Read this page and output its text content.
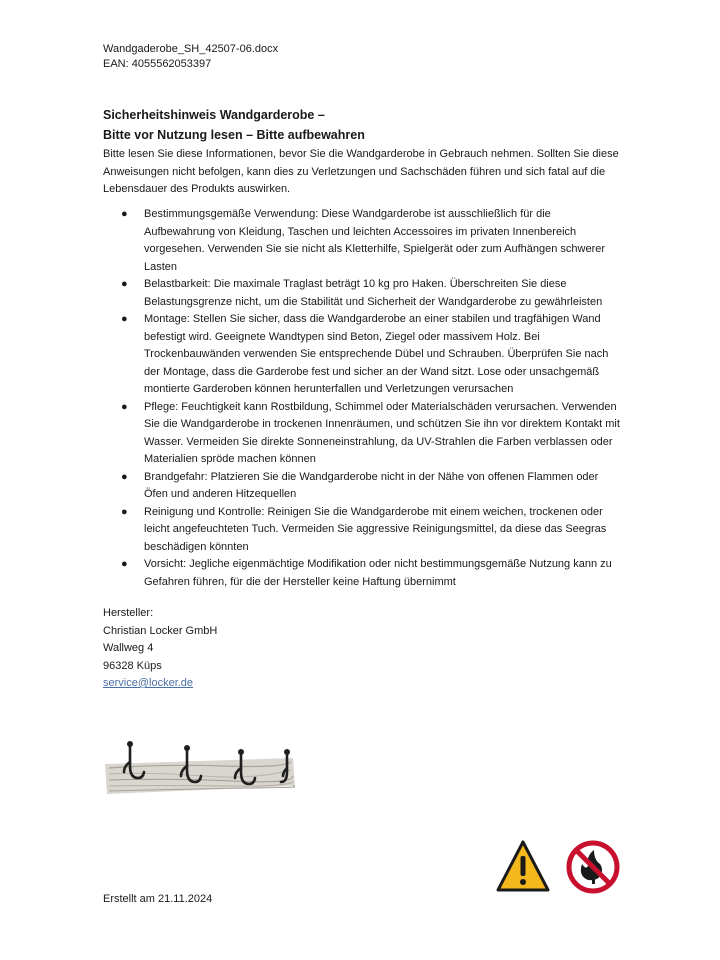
Wandgaderobe_SH_42507-06.docx
EAN: 4055562053397
Sicherheitshinweis Wandgarderobe –
Bitte vor Nutzung lesen – Bitte aufbewahren
Bitte lesen Sie diese Informationen, bevor Sie die Wandgarderobe in Gebrauch nehmen. Sollten Sie diese Anweisungen nicht befolgen, kann dies zu Verletzungen und Sachschäden führen und sich fatal auf die Lebensdauer des Produkts auswirken.
● Bestimmungsgemäße Verwendung: Diese Wandgarderobe ist ausschließlich für die Aufbewahrung von Kleidung, Taschen und leichten Accessoires im privaten Innenbereich vorgesehen. Verwenden Sie sie nicht als Kletterhilfe, Spielgerät oder zum Aufhängen schwerer Lasten
● Belastbarkeit: Die maximale Traglast beträgt 10 kg pro Haken. Überschreiten Sie diese Belastungsgrenze nicht, um die Stabilität und Sicherheit der Wandgarderobe zu gewährleisten
● Montage: Stellen Sie sicher, dass die Wandgarderobe an einer stabilen und tragfähigen Wand befestigt wird. Geeignete Wandtypen sind Beton, Ziegel oder massivem Holz. Bei Trockenbauwänden verwenden Sie entsprechende Dübel und Schrauben. Überprüfen Sie nach der Montage, dass die Garderobe fest und sicher an der Wand sitzt. Lose oder unsachgemäß montierte Garderoben können herunterfallen und Verletzungen verursachen
● Pflege: Feuchtigkeit kann Rostbildung, Schimmel oder Materialschäden verursachen. Verwenden Sie die Wandgarderobe in trockenen Innenräumen, und schützen Sie ihn vor direktem Kontakt mit Wasser. Vermeiden Sie direkte Sonneneinstrahlung, da UV-Strahlen die Farben verblassen oder Materialien spröde machen können
● Brandgefahr: Platzieren Sie die Wandgarderobe nicht in der Nähe von offenen Flammen oder Öfen und anderen Hitzequellen
● Reinigung und Kontrolle: Reinigen Sie die Wandgarderobe mit einem weichen, trockenen oder leicht angefeuchteten Tuch. Vermeiden Sie aggressive Reinigungsmittel, da diese das Seegras beschädigen könnten
● Vorsicht: Jegliche eigenmächtige Modifikation oder nicht bestimmungsgemäße Nutzung kann zu Gefahren führen, für die der Hersteller keine Haftung übernimmt
Hersteller:
Christian Locker GmbH
Wallweg 4
96328 Küps
service@locker.de
Erstellt am 21.11.2024
